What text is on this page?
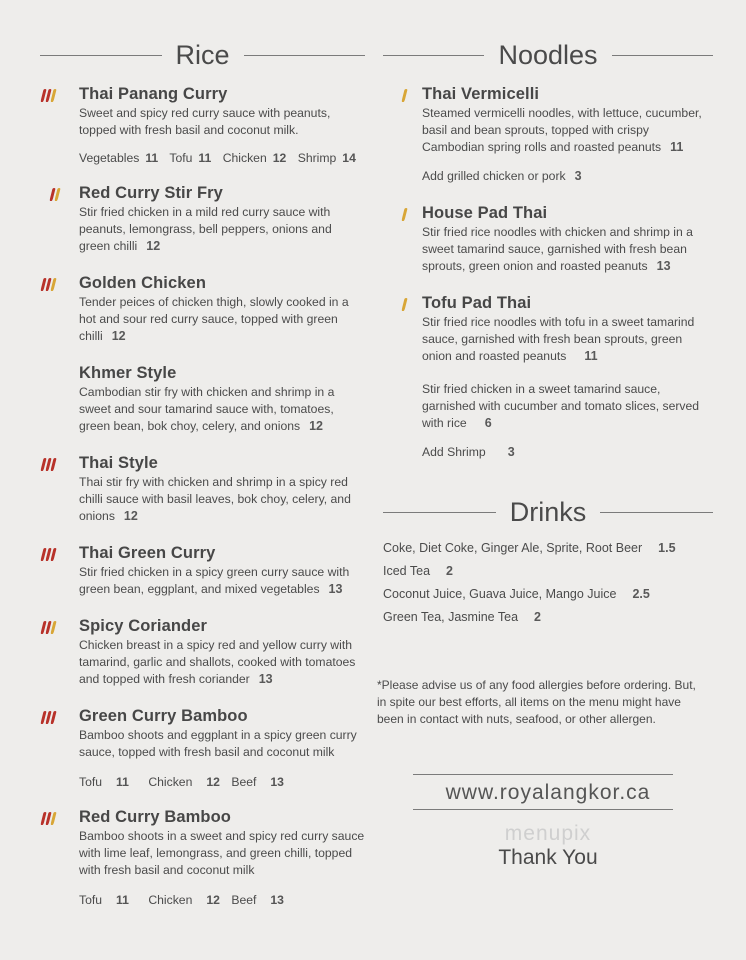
Rice
Thai Panang Curry
Sweet and spicy red curry sauce with peanuts, topped with fresh basil and coconut milk.
Vegetables 11 Tofu 11 Chicken 12 Shrimp 14
Red Curry Stir Fry
Stir fried chicken in a mild red curry sauce with peanuts, lemongrass, bell peppers, onions and green chilli 12
Golden Chicken
Tender peices of chicken thigh, slowly cooked in a hot and sour red curry sauce, topped with green chilli 12
Khmer Style
Cambodian stir fry with chicken and shrimp in a sweet and sour tamarind sauce with, tomatoes, green bean, bok choy, celery, and onions 12
Thai Style
Thai stir fry with chicken and shrimp in a spicy red chilli sauce with basil leaves, bok choy, celery, and onions 12
Thai Green Curry
Stir fried chicken in a spicy green curry sauce with green bean, eggplant, and mixed vegetables 13
Spicy Coriander
Chicken breast in a spicy red and yellow curry with tamarind, garlic and shallots, cooked with tomatoes and topped with fresh coriander 13
Green Curry Bamboo
Bamboo shoots and eggplant in a spicy green curry sauce, topped with fresh basil and coconut milk
Tofu 11 Chicken 12 Beef 13
Red Curry Bamboo
Bamboo shoots in a sweet and spicy red curry sauce with lime leaf, lemongrass, and green chilli, topped with fresh basil and coconut milk
Tofu 11 Chicken 12 Beef 13
Noodles
Thai Vermicelli
Steamed vermicelli noodles, with lettuce, cucumber, basil and bean sprouts, topped with crispy Cambodian spring rolls and roasted peanuts 11
Add grilled chicken or pork 3
House Pad Thai
Stir fried rice noodles with chicken and shrimp in a sweet tamarind sauce, garnished with fresh bean sprouts, green onion and roasted peanuts 13
Tofu Pad Thai
Stir fried rice noodles with tofu in a sweet tamarind sauce, garnished with fresh bean sprouts, green onion and roasted peanuts 11
Stir fried chicken in a sweet tamarind sauce, garnished with cucumber and tomato slices, served with rice 6
Add Shrimp 3
Drinks
Coke, Diet Coke, Ginger Ale, Sprite, Root Beer 1.5
Iced Tea 2
Coconut Juice, Guava Juice, Mango Juice 2.5
Green Tea, Jasmine Tea 2
*Please advise us of any food allergies before ordering. But, in spite our best efforts, all items on the menu might have been in contact with nuts, seafood, or other allergen.
www.royalangkor.ca
menupix
Thank You
